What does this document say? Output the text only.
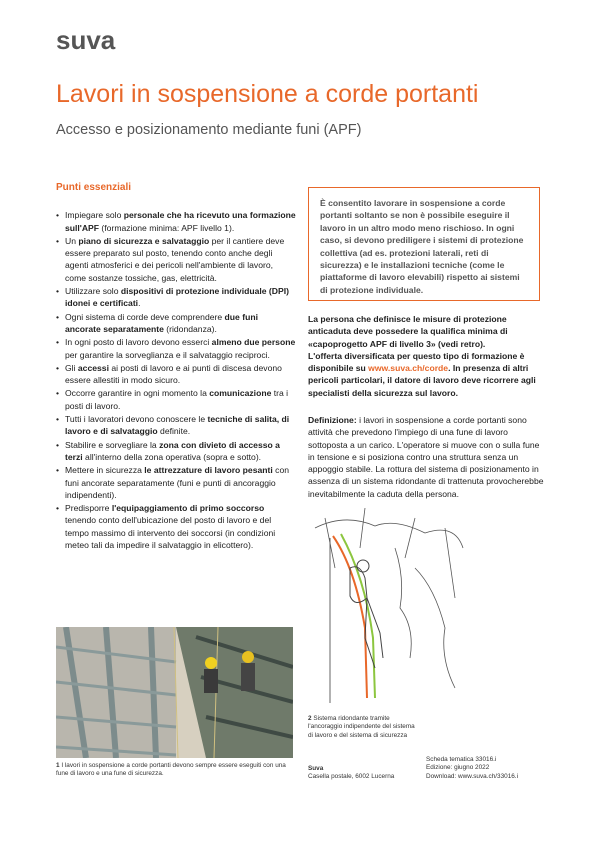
suva
Lavori in sospensione a corde portanti
Accesso e posizionamento mediante funi (APF)
Punti essenziali
• Impiegare solo personale che ha ricevuto una formazione sull'APF (formazione minima: APF livello 1).
• Un piano di sicurezza e salvataggio per il cantiere deve essere preparato sul posto, tenendo conto anche degli agenti atmosferici e dei pericoli nell'ambiente di lavoro, come sostanze tossiche, gas, elettricità.
• Utilizzare solo dispositivi di protezione individuale (DPI) idonei e certificati.
• Ogni sistema di corde deve comprendere due funi ancorate separatamente (ridondanza).
• In ogni posto di lavoro devono esserci almeno due persone per garantire la sorveglianza e il salvataggio reciproci.
• Gli accessi ai posti di lavoro e ai punti di discesa devono essere allestiti in modo sicuro.
• Occorre garantire in ogni momento la comunicazione tra i posti di lavoro.
• Tutti i lavoratori devono conoscere le tecniche di salita, di lavoro e di salvataggio definite.
• Stabilire e sorvegliare la zona con divieto di accesso a terzi all'interno della zona operativa (sopra e sotto).
• Mettere in sicurezza le attrezzature di lavoro pesanti con funi ancorate separatamente (funi e punti di ancoraggio indipendenti).
• Predisporre l'equipaggiamento di primo soccorso tenendo conto dell'ubicazione del posto di lavoro e del tempo massimo di intervento dei soccorsi (in condizioni meteo tali da impedire il salvataggio in elicottero).
È consentito lavorare in sospensione a corde portanti soltanto se non è possibile eseguire il lavoro in un altro modo meno rischioso. In ogni caso, si devono prediligere i sistemi di protezione collettiva (ad es. protezioni laterali, reti di sicurezza) e le installazioni tecniche (come le piattaforme di lavoro elevabili) rispetto ai sistemi di protezione individuale.
La persona che definisce le misure di protezione anticaduta deve possedere la qualifica minima di «capoprogetto APF di livello 3» (vedi retro).
L'offerta diversificata per questo tipo di formazione è disponibile su www.suva.ch/corde. In presenza di altri pericoli particolari, il datore di lavoro deve ricorrere agli specialisti della sicurezza sul lavoro.
Definizione: i lavori in sospensione a corde portanti sono attività che prevedono l'impiego di una fune di lavoro sottoposta a un carico. L'operatore si muove con o sulla fune in tensione e si posiziona contro una struttura senza un appoggio stabile. La rottura del sistema di posizionamento in assenza di un sistema ridondante di trattenuta provocherebbe inevitabilmente la caduta della persona.
1 I lavori in sospensione a corde portanti devono sempre essere eseguiti con una fune di lavoro e una fune di sicurezza.
2 Sistema ridondante tramite l'ancoraggio indipendente del sistema di lavoro e del sistema di sicurezza
Suva
Casella postale, 6002 Lucerna
Scheda tematica 33016.i
Edizione: giugno 2022
Download: www.suva.ch/33016.i
